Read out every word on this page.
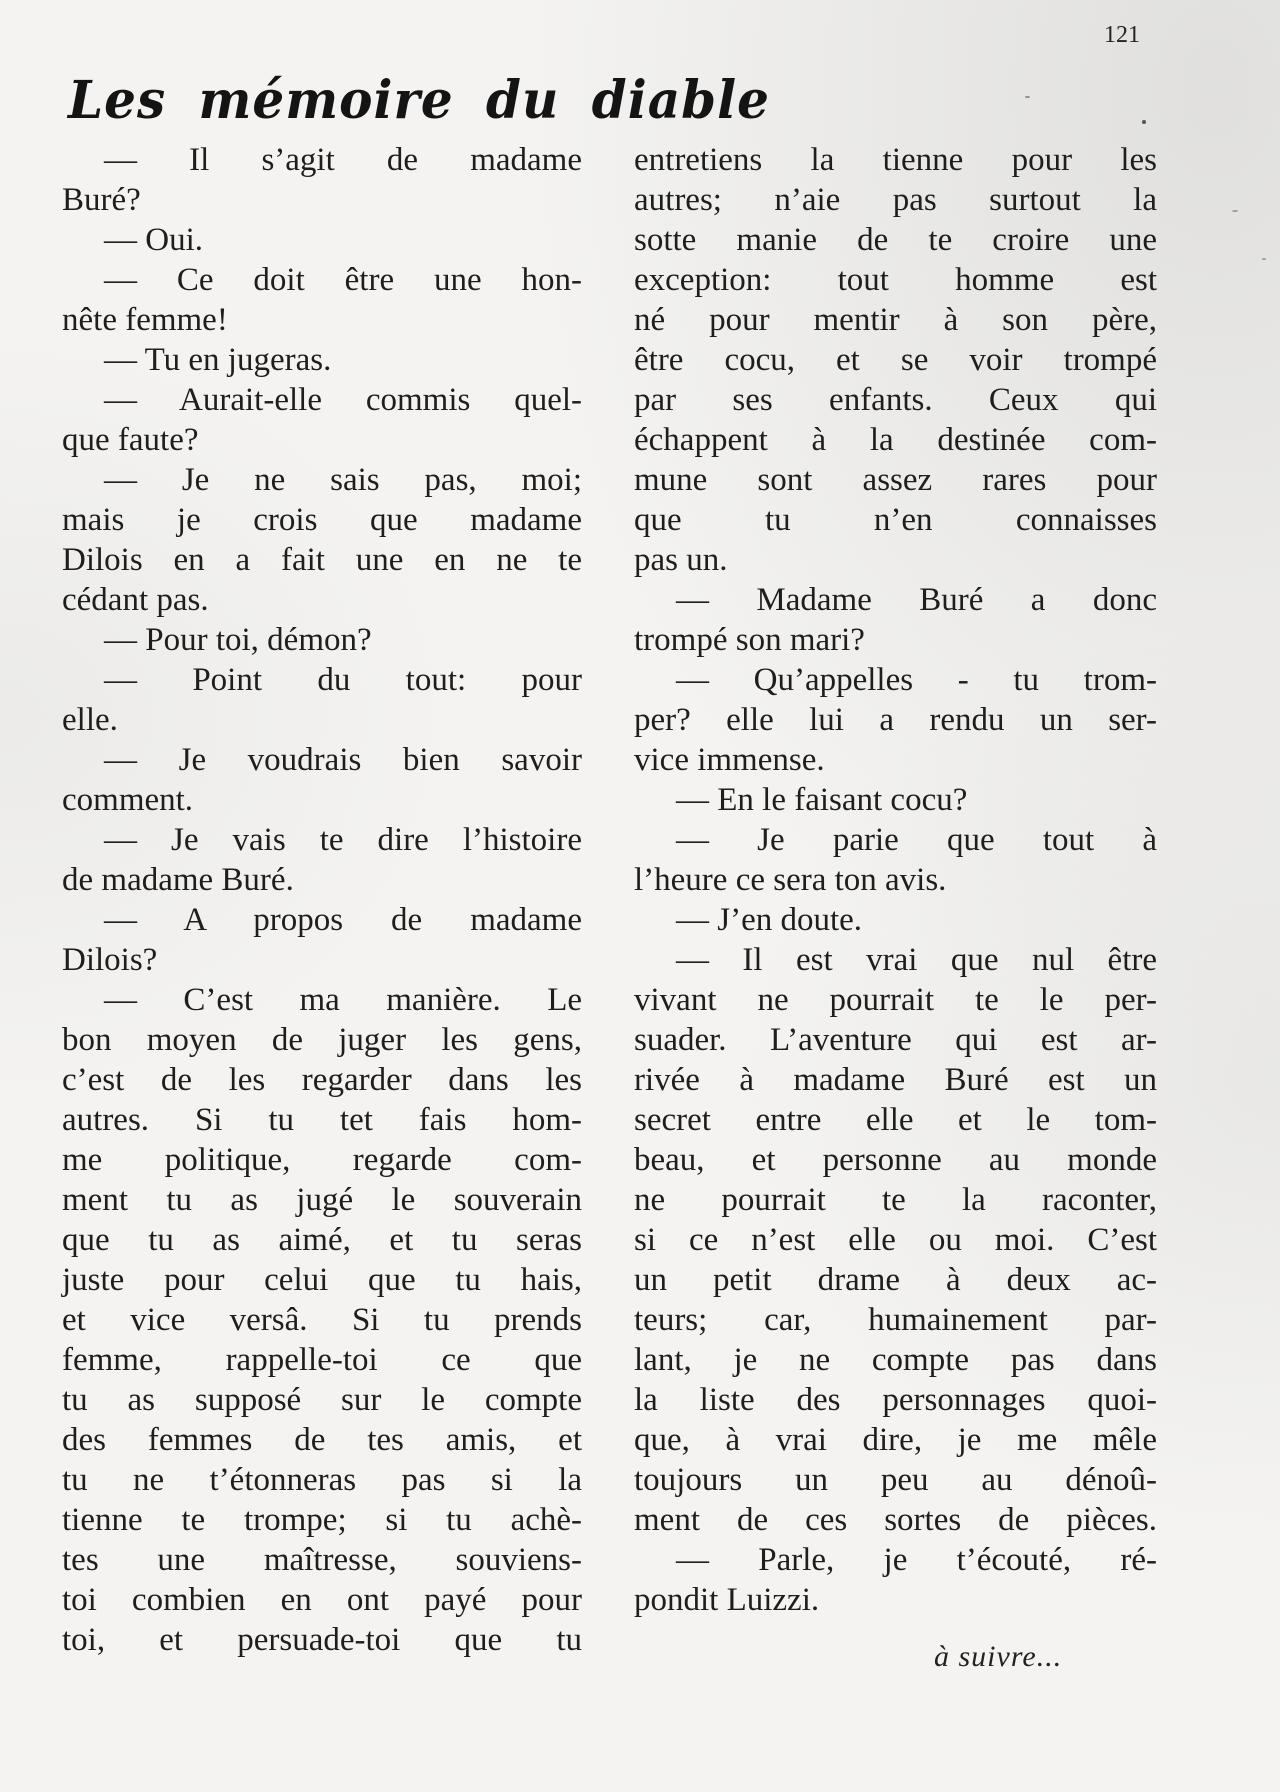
121
Les mémoire du diable
— Il s’agit de madame
Buré?
— Oui.
— Ce doit être une hon-
nête femme!
— Tu en jugeras.
— Aurait-elle commis quel-
que faute?
— Je ne sais pas, moi;
mais je crois que madame
Dilois en a fait une en ne te
cédant pas.
— Pour toi, démon?
— Point du tout: pour
elle.
— Je voudrais bien savoir
comment.
— Je vais te dire l’histoire
de madame Buré.
— A propos de madame
Dilois?
— C’est ma manière. Le
bon moyen de juger les gens,
c’est de les regarder dans les
autres. Si tu tet fais hom-
me politique, regarde com-
ment tu as jugé le souverain
que tu as aimé, et tu seras
juste pour celui que tu hais,
et vice versâ. Si tu prends
femme, rappelle-toi ce que
tu as supposé sur le compte
des femmes de tes amis, et
tu ne t’étonneras pas si la
tienne te trompe; si tu achè-
tes une maîtresse, souviens-
toi combien en ont payé pour
toi, et persuade-toi que tu
entretiens la tienne pour les
autres; n’aie pas surtout la
sotte manie de te croire une
exception: tout homme est
né pour mentir à son père,
être cocu, et se voir trompé
par ses enfants. Ceux qui
échappent à la destinée com-
mune sont assez rares pour
que tu n’en connaisses
pas un.
— Madame Buré a donc
trompé son mari?
— Qu’appelles - tu trom-
per? elle lui a rendu un ser-
vice immense.
— En le faisant cocu?
— Je parie que tout à
l’heure ce sera ton avis.
— J’en doute.
— Il est vrai que nul être
vivant ne pourrait te le per-
suader. L’aventure qui est ar-
rivée à madame Buré est un
secret entre elle et le tom-
beau, et personne au monde
ne pourrait te la raconter,
si ce n’est elle ou moi. C’est
un petit drame à deux ac-
teurs; car, humainement par-
lant, je ne compte pas dans
la liste des personnages quoi-
que, à vrai dire, je me mêle
toujours un peu au dénoû-
ment de ces sortes de pièces.
— Parle, je t’écouté, ré-
pondit Luizzi.
à suivre...
